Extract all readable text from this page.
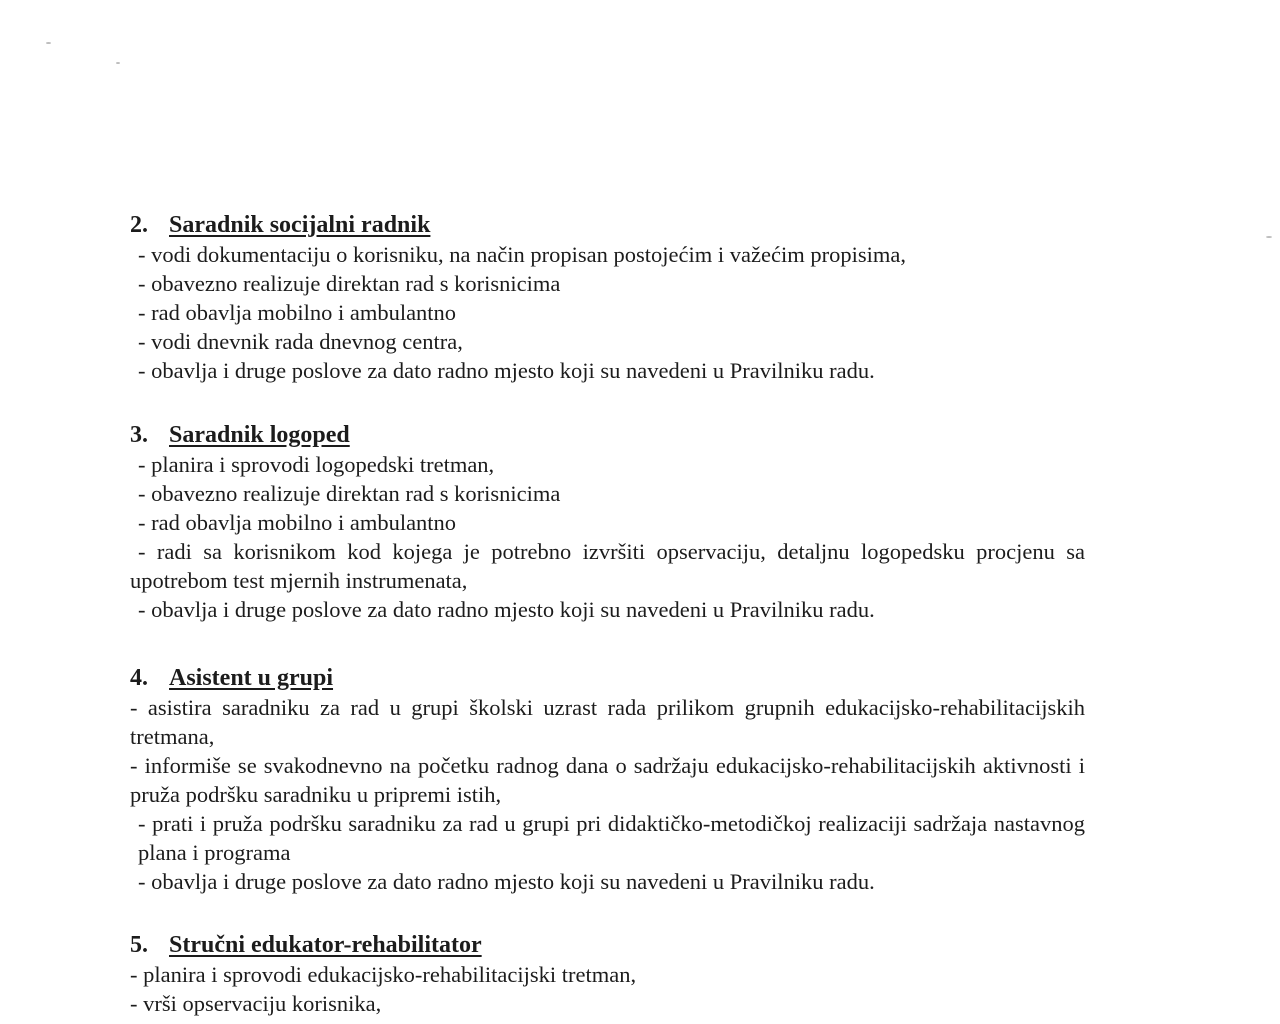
2. Saradnik socijalni radnik

- vodi dokumentaciju o korisniku, na način propisan postojećim i važećim propisima,

- obavezno realizuje direktan rad s korisnicima

- rad obavlja mobilno i ambulantno

- vodi dnevnik rada dnevnog centra,

- obavlja i druge poslove za dato radno mjesto koji su navedeni u Pravilniku radu.

3. Saradnik logoped

- planira i sprovodi logopedski tretman,

- obavezno realizuje direktan rad s korisnicima

- rad obavlja mobilno i ambulantno

- radi sa korisnikom kod kojega je potrebno izvršiti opservaciju, detaljnu logopedsku procjenu sa upotrebom test mjernih instrumenata,

- obavlja i druge poslove za dato radno mjesto koji su navedeni u Pravilniku radu.

4. Asistent u grupi

- asistira saradniku za rad u grupi školski uzrast rada prilikom grupnih edukacijsko-rehabilitacijskih tretmana,

- informiše se svakodnevno na početku radnog dana o sadržaju edukacijsko-rehabilitacijskih aktivnosti i pruža podršku saradniku u pripremi istih,

- prati i pruža podršku saradniku za rad u grupi pri didaktičko-metodičkoj realizaciji sadržaja nastavnog plana i programa

- obavlja i druge poslove za dato radno mjesto koji su navedeni u Pravilniku radu.

5. Stručni edukator-rehabilitator

- planira i sprovodi edukacijsko-rehabilitacijski tretman,

- vrši opservaciju korisnika,
